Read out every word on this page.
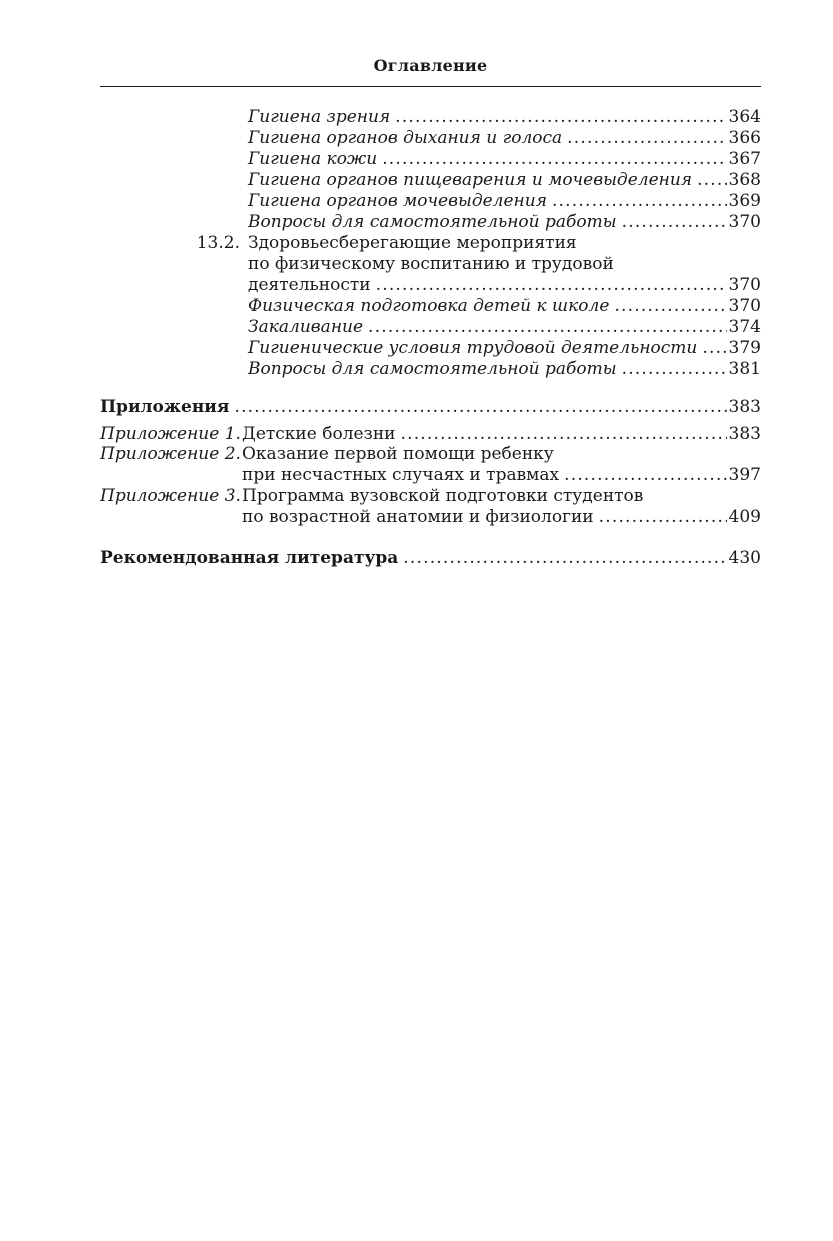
Оглавление
Гигиена зрения .....	364
Гигиена органов дыхания и голоса .....	366
Гигиена кожи .....	367
Гигиена органов пищеварения и мочевыделения ..... 368
Гигиена органов мочевыделения .....	369
Вопросы для самостоятельной работы .....	370
13.2. Здоровьесберегающие мероприятия
по физическому воспитанию и трудовой
деятельности .....	370
Физическая подготовка детей к школе .....	370
Закаливание .....	374
Гигиенические условия трудовой деятельности ..... 379
Вопросы для самостоятельной работы .....	381
Приложения .....	383
Приложение 1. Детские болезни .....	383
Приложение 2. Оказание первой помощи ребенку
при несчастных случаях и травмах .....	397
Приложение 3. Программа вузовской подготовки студентов
по возрастной анатомии и физиологии .....	409
Рекомендованная литература .....	430
